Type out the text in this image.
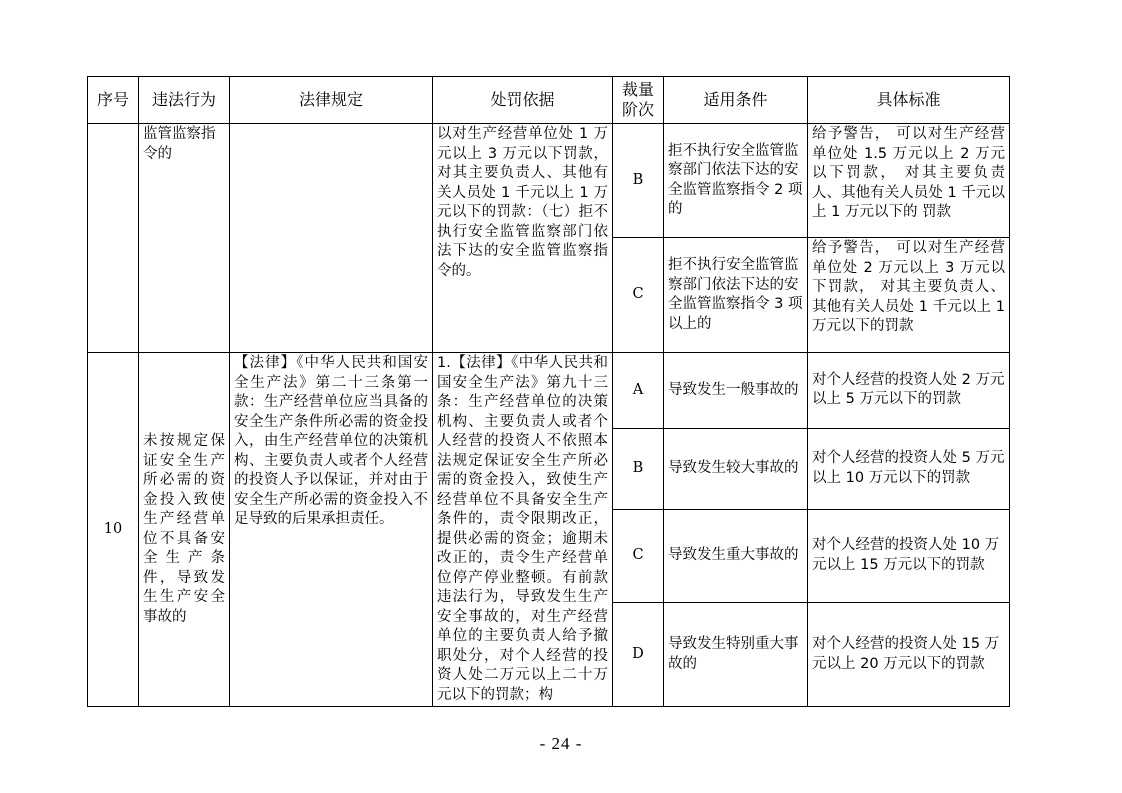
序号	违法行为	法律规定	处罚依据	裁量阶次	适用条件	具体标准
	监管监察指令的		以对生产经营单位处 1 万元以上 3 万元以下罚款，对其主要负责人、其他有关人员处 1 千元以上 1 万元以下的罚款：（七）拒不执行安全监管监察部门依法下达的安全监管监察指令的。	B	拒不执行安全监管监察部门依法下达的安全监管监察指令 2 项的	给予警告， 可以对生产经营单位处 1.5 万元以上 2 万元以下罚款， 对其主要负责人、其他有关人员处 1 千元以上 1 万元以下的 罚款
				C	拒不执行安全监管监察部门依法下达的安全监管监察指令 3 项以上的	给予警告， 可以对生产经营单位处 2 万元以上 3 万元以下罚款， 对其主要负责人、其他有关人员处 1 千元以上 1 万元以下的罚款
10	未按规定保证安全生产所必需的资金投入致使生产经营单位不具备安全生产条件，导致发生生产安全事故的	【法律】《中华人民共和国安全生产法》第二十三条第一款：生产经营单位应当具备的安全生产条件所必需的资金投入，由生产经营单位的决策机构、主要负责人或者个人经营的投资人予以保证，并对由于安全生产所必需的资金投入不足导致的后果承担责任。	1.【法律】《中华人民共和国安全生产法》第九十三条：生产经营单位的决策机构、主要负责人或者个人经营的投资人不依照本法规定保证安全生产所必需的资金投入，致使生产经营单位不具备安全生产条件的，责令限期改正，提供必需的资金；逾期未改正的，责令生产经营单位停产停业整顿。有前款违法行为，导致发生生产安全事故的，对生产经营单位的主要负责人给予撤职处分，对个人经营的投资人处二万元以上二十万元以下的罚款；构	A	导致发生一般事故的	对个人经营的投资人处 2 万元以上 5 万元以下的罚款
				B	导致发生较大事故的	对个人经营的投资人处 5 万元以上 10 万元以下的罚款
				C	导致发生重大事故的	对个人经营的投资人处 10 万元以上 15 万元以下的罚款
				D	导致发生特别重大事故的	对个人经营的投资人处 15 万元以上 20 万元以下的罚款
- 24 -
